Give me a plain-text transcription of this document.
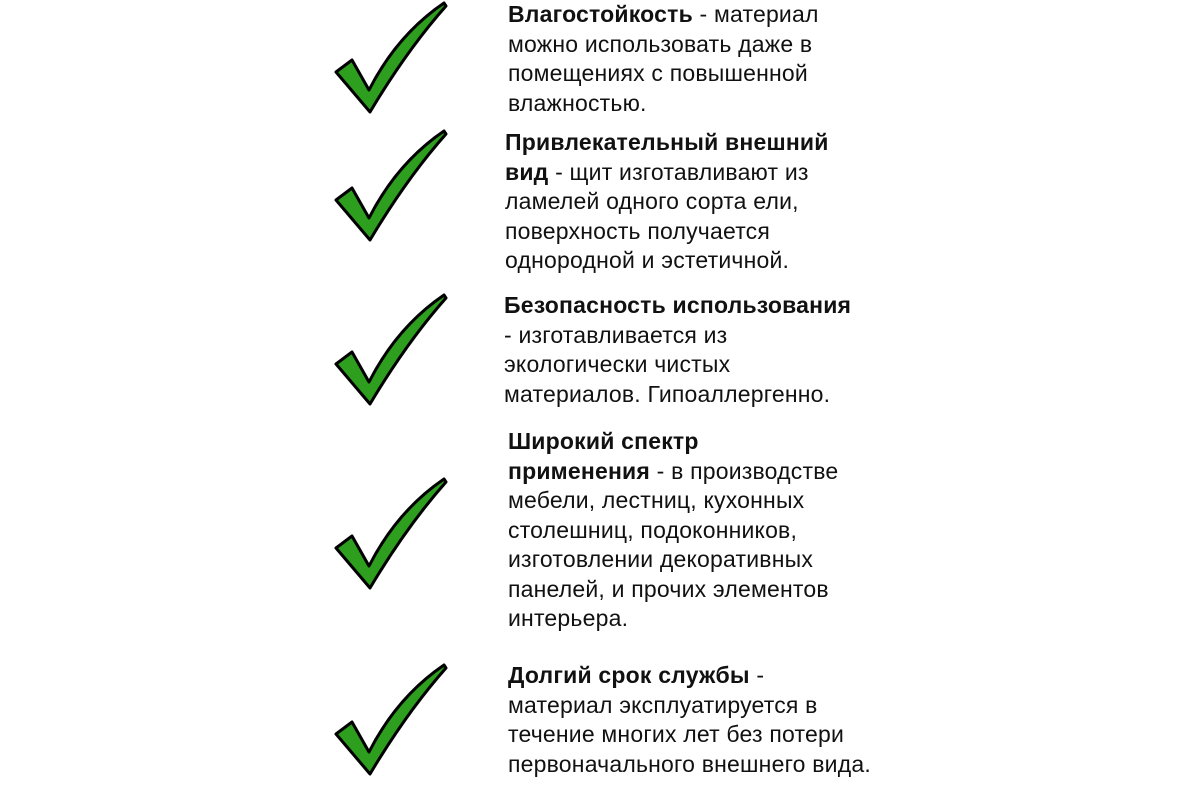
Влагостойкость - материал можно использовать даже в помещениях с повышенной влажностью.
Привлекательный внешний вид - щит изготавливают из ламелей одного сорта ели, поверхность получается однородной и эстетичной.
Безопасность использования - изготавливается из экологически чистых материалов. Гипоаллергенно.
Широкий спектр применения - в производстве мебели, лестниц, кухонных столешниц, подоконников, изготовлении декоративных панелей, и прочих элементов интерьера.
Долгий срок службы - материал эксплуатируется в течение многих лет без потери первоначального внешнего вида.
